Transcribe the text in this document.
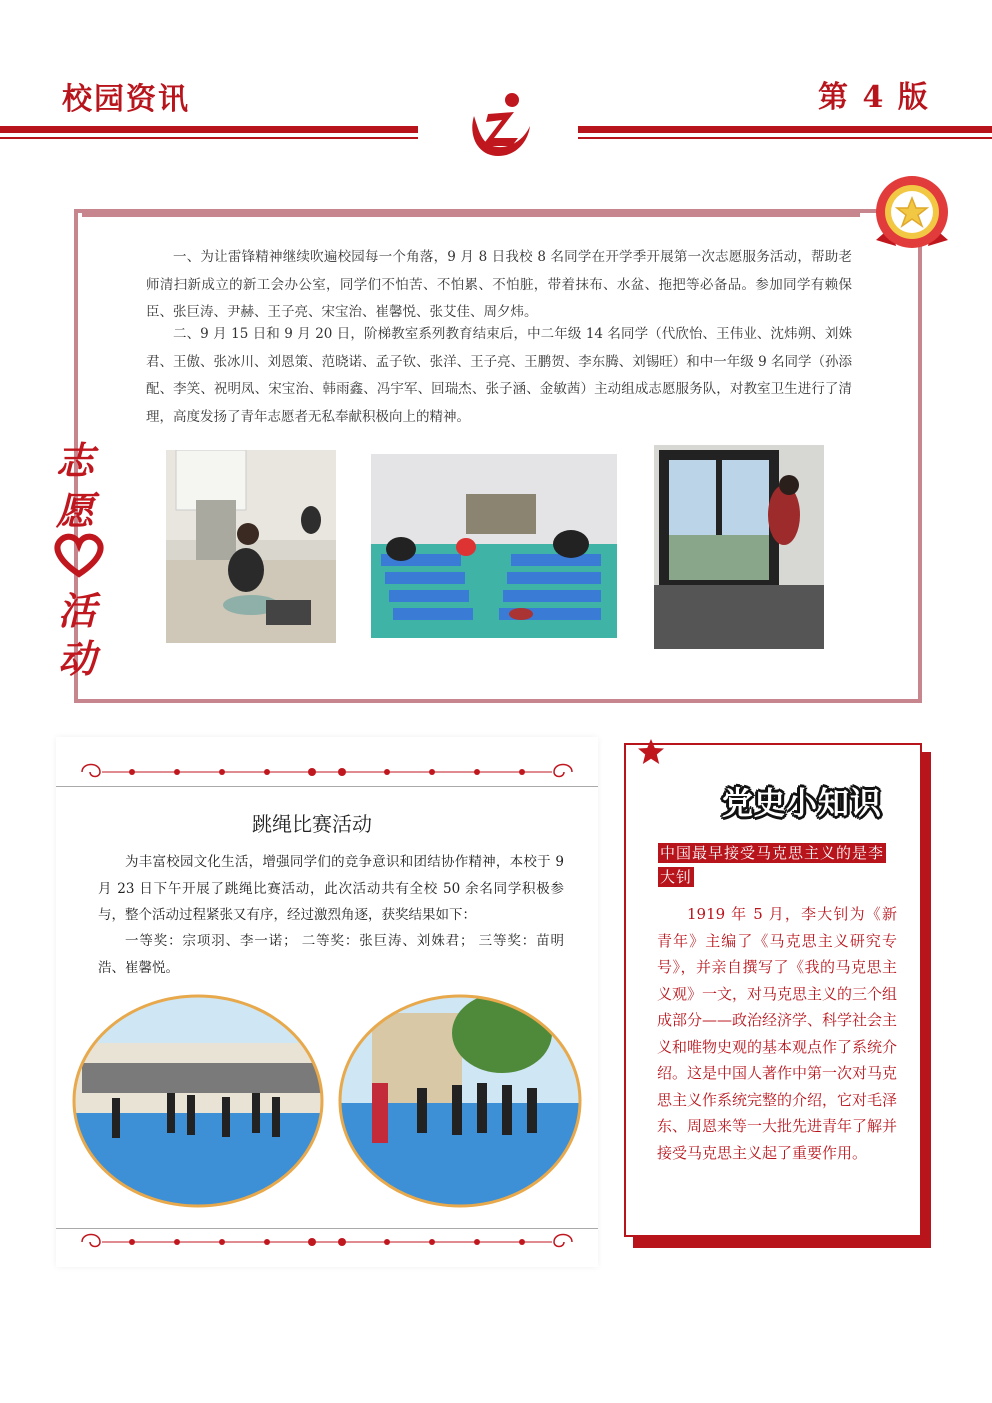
校园资讯	第 4 版
一、为让雷锋精神继续吹遍校园每一个角落，9 月 8 日我校 8 名同学在开学季开展第一次志愿服务活动，帮助老师清扫新成立的新工会办公室，同学们不怕苦、不怕累、不怕脏，带着抹布、水盆、拖把等必备品。参加同学有赖保臣、张巨涛、尹赫、王子亮、宋宝治、崔馨悦、张艾佳、周夕炜。
二、9 月 15 日和 9 月 20 日，阶梯教室系列教育结束后，中二年级 14 名同学（代欣怡、王伟业、沈炜朔、刘姝君、王傲、张冰川、刘恩策、范晓诺、孟子钦、张洋、王子亮、王鹏贺、李东腾、刘锡旺）和中一年级 9 名同学（孙添配、李笑、祝明凤、宋宝治、韩雨鑫、冯宇军、回瑞杰、张子涵、金敏茜）主动组成志愿服务队，对教室卫生进行了清理，高度发扬了青年志愿者无私奉献积极向上的精神。
志
愿
活
动
跳绳比赛活动
为丰富校园文化生活，增强同学们的竞争意识和团结协作精神，本校于 9 月 23 日下午开展了跳绳比赛活动，此次活动共有全校 50 余名同学积极参与，整个活动过程紧张又有序，经过激烈角逐，获奖结果如下：
一等奖：宗项羽、李一诺； 二等奖：张巨涛、刘姝君； 三等奖：苗明浩、崔馨悦。
党史小知识
中国最早接受马克思主义的是李大钊
1919 年 5 月，李大钊为《新青年》主编了《马克思主义研究专号》，并亲自撰写了《我的马克思主义观》一文，对马克思主义的三个组成部分——政治经济学、科学社会主义和唯物史观的基本观点作了系统介绍。这是中国人著作中第一次对马克思主义作系统完整的介绍，它对毛泽东、周恩来等一大批先进青年了解并接受马克思主义起了重要作用。
